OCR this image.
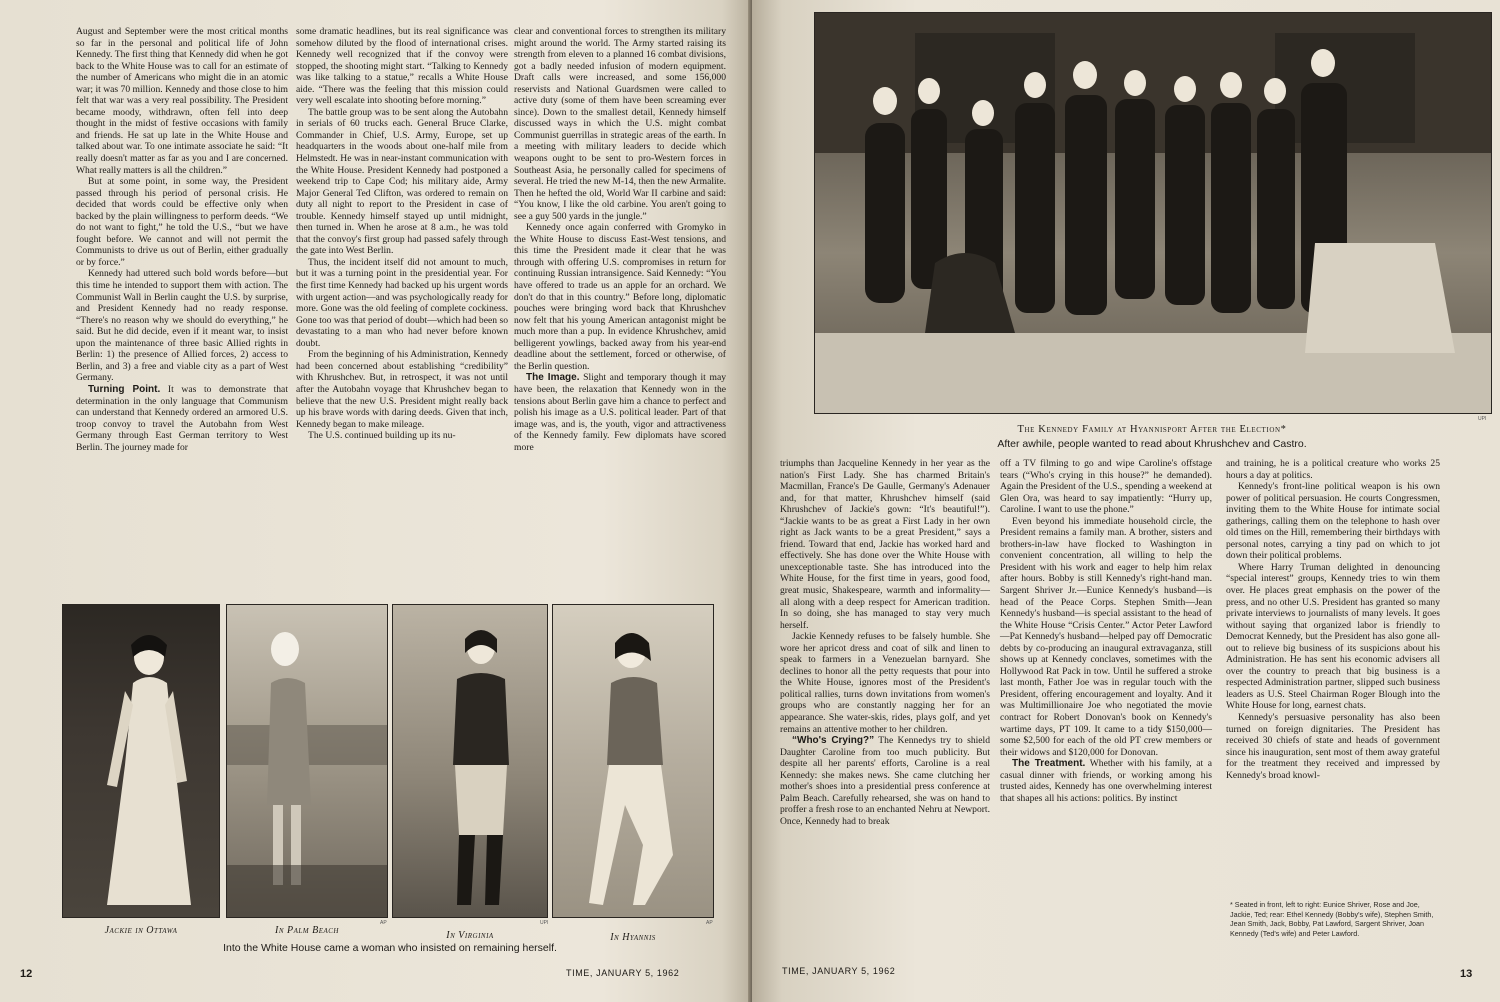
August and September were the most critical months so far in the personal and political life of John Kennedy. The first thing that Kennedy did when he got back to the White House was to call for an estimate of the number of Americans who might die in an atomic war; it was 70 million. Kennedy and those close to him felt that war was a very real possibility. The President became moody, withdrawn, often fell into deep thought in the midst of festive occasions with family and friends. He sat up late in the White House and talked about war. To one intimate associate he said: “It really doesn't matter as far as you and I are concerned. What really matters is all the children.”

But at some point, in some way, the President passed through his period of personal crisis. He decided that words could be effective only when backed by the plain willingness to perform deeds. “We do not want to fight,” he told the U.S., “but we have fought before. We cannot and will not permit the Communists to drive us out of Berlin, either gradually or by force.”

Kennedy had uttered such bold words before—but this time he intended to support them with action. The Communist Wall in Berlin caught the U.S. by surprise, and President Kennedy had no ready response. “There's no reason why we should do everything,” he said. But he did decide, even if it meant war, to insist upon the maintenance of three basic Allied rights in Berlin: 1) the presence of Allied forces, 2) access to Berlin, and 3) a free and viable city as a part of West Germany.

Turning Point. It was to demonstrate that determination in the only language that Communism can understand that Kennedy ordered an armored U.S. troop convoy to travel the Autobahn from West Germany through East German territory to West Berlin. The journey made for

some dramatic headlines, but its real significance was somehow diluted by the flood of international crises. Kennedy well recognized that if the convoy were stopped, the shooting might start. “Talking to Kennedy was like talking to a statue,” recalls a White House aide. “There was the feeling that this mission could very well escalate into shooting before morning.”

The battle group was to be sent along the Autobahn in serials of 60 trucks each. General Bruce Clarke, Commander in Chief, U.S. Army, Europe, set up headquarters in the woods about one-half mile from Helmstedt. He was in near-instant communication with the White House. President Kennedy had postponed a weekend trip to Cape Cod; his military aide, Army Major General Ted Clifton, was ordered to remain on duty all night to report to the President in case of trouble. Kennedy himself stayed up until midnight, then turned in. When he arose at 8 a.m., he was told that the convoy's first group had passed safely through the gate into West Berlin.

Thus, the incident itself did not amount to much, but it was a turning point in the presidential year. For the first time Kennedy had backed up his urgent words with urgent action—and was psychologically ready for more. Gone was the old feeling of complete cockiness. Gone too was that period of doubt—which had been so devastating to a man who had never before known doubt.

From the beginning of his Administration, Kennedy had been concerned about establishing “credibility” with Khrushchev. But, in retrospect, it was not until after the Autobahn voyage that Khrushchev began to believe that the new U.S. President might really back up his brave words with daring deeds. Given that inch, Kennedy began to make mileage.

The U.S. continued building up its nu-

clear and conventional forces to strengthen its military might around the world. The Army started raising its strength from eleven to a planned 16 combat divisions, got a badly needed infusion of modern equipment. Draft calls were increased, and some 156,000 reservists and National Guardsmen were called to active duty (some of them have been screaming ever since). Down to the smallest detail, Kennedy himself discussed ways in which the U.S. might combat Communist guerrillas in strategic areas of the earth. In a meeting with military leaders to decide which weapons ought to be sent to pro-Western forces in Southeast Asia, he personally called for specimens of several. He tried the new M-14, then the new Armalite. Then he hefted the old, World War II carbine and said: “You know, I like the old carbine. You aren't going to see a guy 500 yards in the jungle.”

Kennedy once again conferred with Gromyko in the White House to discuss East-West tensions, and this time the President made it clear that he was through with offering U.S. compromises in return for continuing Russian intransigence. Said Kennedy: “You have offered to trade us an apple for an orchard. We don't do that in this country.” Before long, diplomatic pouches were bringing word back that Khrushchev now felt that his young American antagonist might be much more than a pup. In evidence Khrushchev, amid belligerent yowlings, backed away from his year-end deadline about the settlement, forced or otherwise, of the Berlin question.

The Image. Slight and temporary though it may have been, the relaxation that Kennedy won in the tensions about Berlin gave him a chance to perfect and polish his image as a U.S. political leader. Part of that image was, and is, the youth, vigor and attractiveness of the Kennedy family. Few diplomats have scored more

AP	UPI	AP
Jackie in Ottawa	In Palm Beach	In Virginia	In Hyannis
Into the White House came a woman who insisted on remaining herself.
12	TIME, JANUARY 5, 1962
UPI
The Kennedy Family at Hyannisport After the Election*
After awhile, people wanted to read about Khrushchev and Castro.

triumphs than Jacqueline Kennedy in her year as the nation's First Lady. She has charmed Britain's Macmillan, France's De Gaulle, Germany's Adenauer and, for that matter, Khrushchev himself (said Khrushchev of Jackie's gown: “It's beautiful!”). “Jackie wants to be as great a First Lady in her own right as Jack wants to be a great President,” says a friend. Toward that end, Jackie has worked hard and effectively. She has done over the White House with unexceptionable taste. She has introduced into the White House, for the first time in years, good food, great music, Shakespeare, warmth and informality—all along with a deep respect for American tradition. In so doing, she has managed to stay very much herself.

Jackie Kennedy refuses to be falsely humble. She wore her apricot dress and coat of silk and linen to speak to farmers in a Venezuelan barnyard. She declines to honor all the petty requests that pour into the White House, ignores most of the President's political rallies, turns down invitations from women's groups who are constantly nagging her for an appearance. She water-skis, rides, plays golf, and yet remains an attentive mother to her children.

“Who's Crying?” The Kennedys try to shield Daughter Caroline from too much publicity. But despite all her parents' efforts, Caroline is a real Kennedy: she makes news. She came clutching her mother's shoes into a presidential press conference at Palm Beach. Carefully rehearsed, she was on hand to proffer a fresh rose to an enchanted Nehru at Newport. Once, Kennedy had to break

off a TV filming to go and wipe Caroline's offstage tears (“Who's crying in this house?” he demanded). Again the President of the U.S., spending a weekend at Glen Ora, was heard to say impatiently: “Hurry up, Caroline. I want to use the phone.”

Even beyond his immediate household circle, the President remains a family man. A brother, sisters and brothers-in-law have flocked to Washington in convenient concentration, all willing to help the President with his work and eager to help him relax after hours. Bobby is still Kennedy's right-hand man. Sargent Shriver Jr.—Eunice Kennedy's husband—is head of the Peace Corps. Stephen Smith—Jean Kennedy's husband—is special assistant to the head of the White House “Crisis Center.” Actor Peter Lawford—Pat Kennedy's husband—helped pay off Democratic debts by co-producing an inaugural extravaganza, still shows up at Kennedy conclaves, sometimes with the Hollywood Rat Pack in tow. Until he suffered a stroke last month, Father Joe was in regular touch with the President, offering encouragement and loyalty. And it was Multimillionaire Joe who negotiated the movie contract for Robert Donovan's book on Kennedy's wartime days, PT 109. It came to a tidy $150,000—some $2,500 for each of the old PT crew members or their widows and $120,000 for Donovan.

The Treatment. Whether with his family, at a casual dinner with friends, or working among his trusted aides, Kennedy has one overwhelming interest that shapes all his actions: politics. By instinct

and training, he is a political creature who works 25 hours a day at politics.

Kennedy's front-line political weapon is his own power of political persuasion. He courts Congressmen, inviting them to the White House for intimate social gatherings, calling them on the telephone to hash over old times on the Hill, remembering their birthdays with personal notes, carrying a tiny pad on which to jot down their political problems.

Where Harry Truman delighted in denouncing “special interest” groups, Kennedy tries to win them over. He places great emphasis on the power of the press, and no other U.S. President has granted so many private interviews to journalists of many levels. It goes without saying that organized labor is friendly to Democrat Kennedy, but the President has also gone all-out to relieve big business of its suspicions about his Administration. He has sent his economic advisers all over the country to preach that big business is a respected Administration partner, slipped such business leaders as U.S. Steel Chairman Roger Blough into the White House for long, earnest chats.

Kennedy's persuasive personality has also been turned on foreign dignitaries. The President has received 30 chiefs of state and heads of government since his inauguration, sent most of them away grateful for the treatment they received and impressed by Kennedy's broad knowl-

* Seated in front, left to right: Eunice Shriver, Rose and Joe, Jackie, Ted; rear: Ethel Kennedy (Bobby's wife), Stephen Smith, Jean Smith, Jack, Bobby, Pat Lawford, Sargent Shriver, Joan Kennedy (Ted's wife) and Peter Lawford.
TIME, JANUARY 5, 1962	13
